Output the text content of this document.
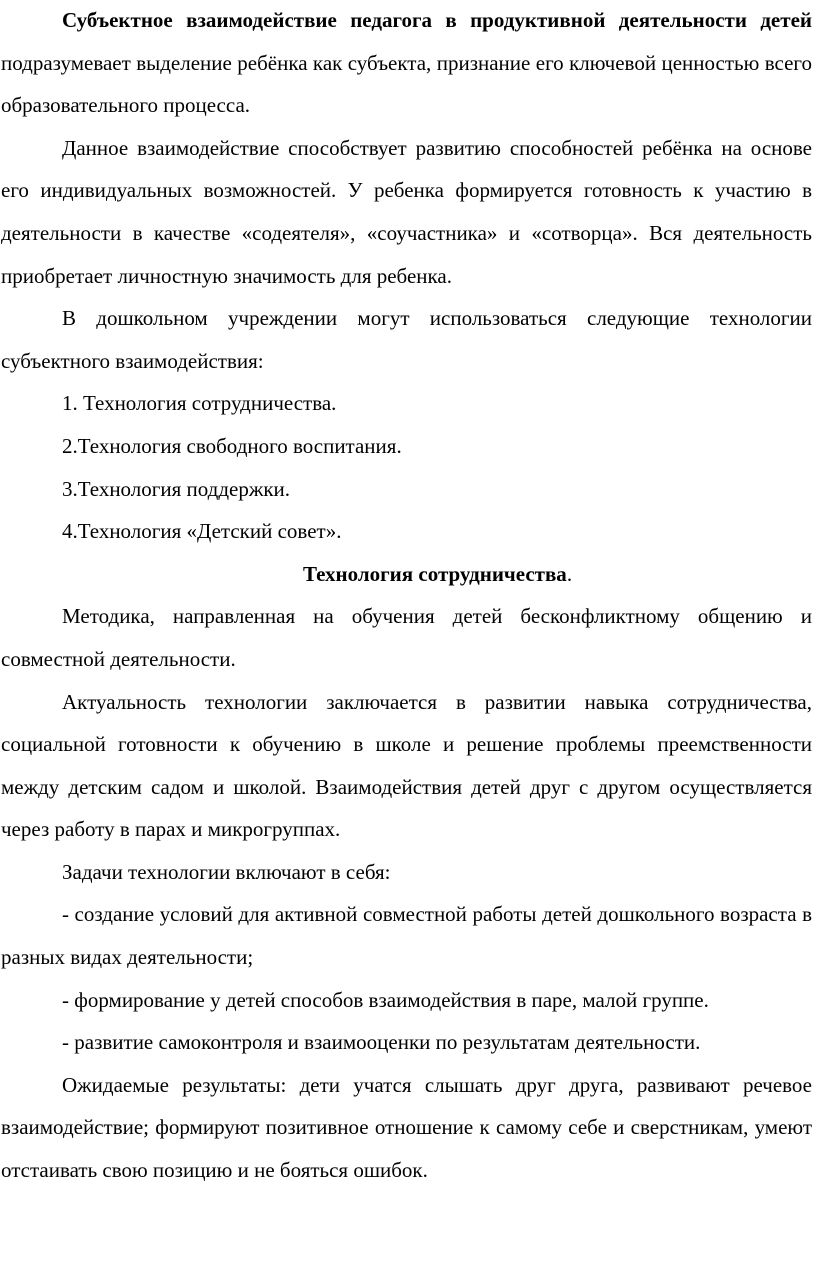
Субъектное взаимодействие педагога в продуктивной деятельности детей подразумевает выделение ребёнка как субъекта, признание его ключевой ценностью всего образовательного процесса.

Данное взаимодействие способствует развитию способностей ребёнка на основе его индивидуальных возможностей. У ребенка формируется готовность к участию в деятельности в качестве «содеятеля», «соучастника» и «сотворца». Вся деятельность приобретает личностную значимость для ребенка.

В дошкольном учреждении могут использоваться следующие технологии субъектного взаимодействия:

1. Технология сотрудничества.

2.Технология свободного воспитания.

3.Технология поддержки.

4.Технология «Детский совет».

Технология сотрудничества.

Методика, направленная на обучения детей бесконфликтному общению и совместной деятельности.

Актуальность технологии заключается в развитии навыка сотрудничества, социальной готовности к обучению в школе и решение проблемы преемственности между детским садом и школой. Взаимодействия детей друг с другом осуществляется через работу в парах и микрогруппах.

Задачи технологии включают в себя:

- создание условий для активной совместной работы детей дошкольного возраста в разных видах деятельности;

- формирование у детей способов взаимодействия в паре, малой группе.

- развитие самоконтроля и взаимооценки по результатам деятельности.

Ожидаемые результаты: дети учатся слышать друг друга, развивают речевое взаимодействие; формируют позитивное отношение к самому себе и сверстникам, умеют отстаивать свою позицию и не бояться ошибок.
